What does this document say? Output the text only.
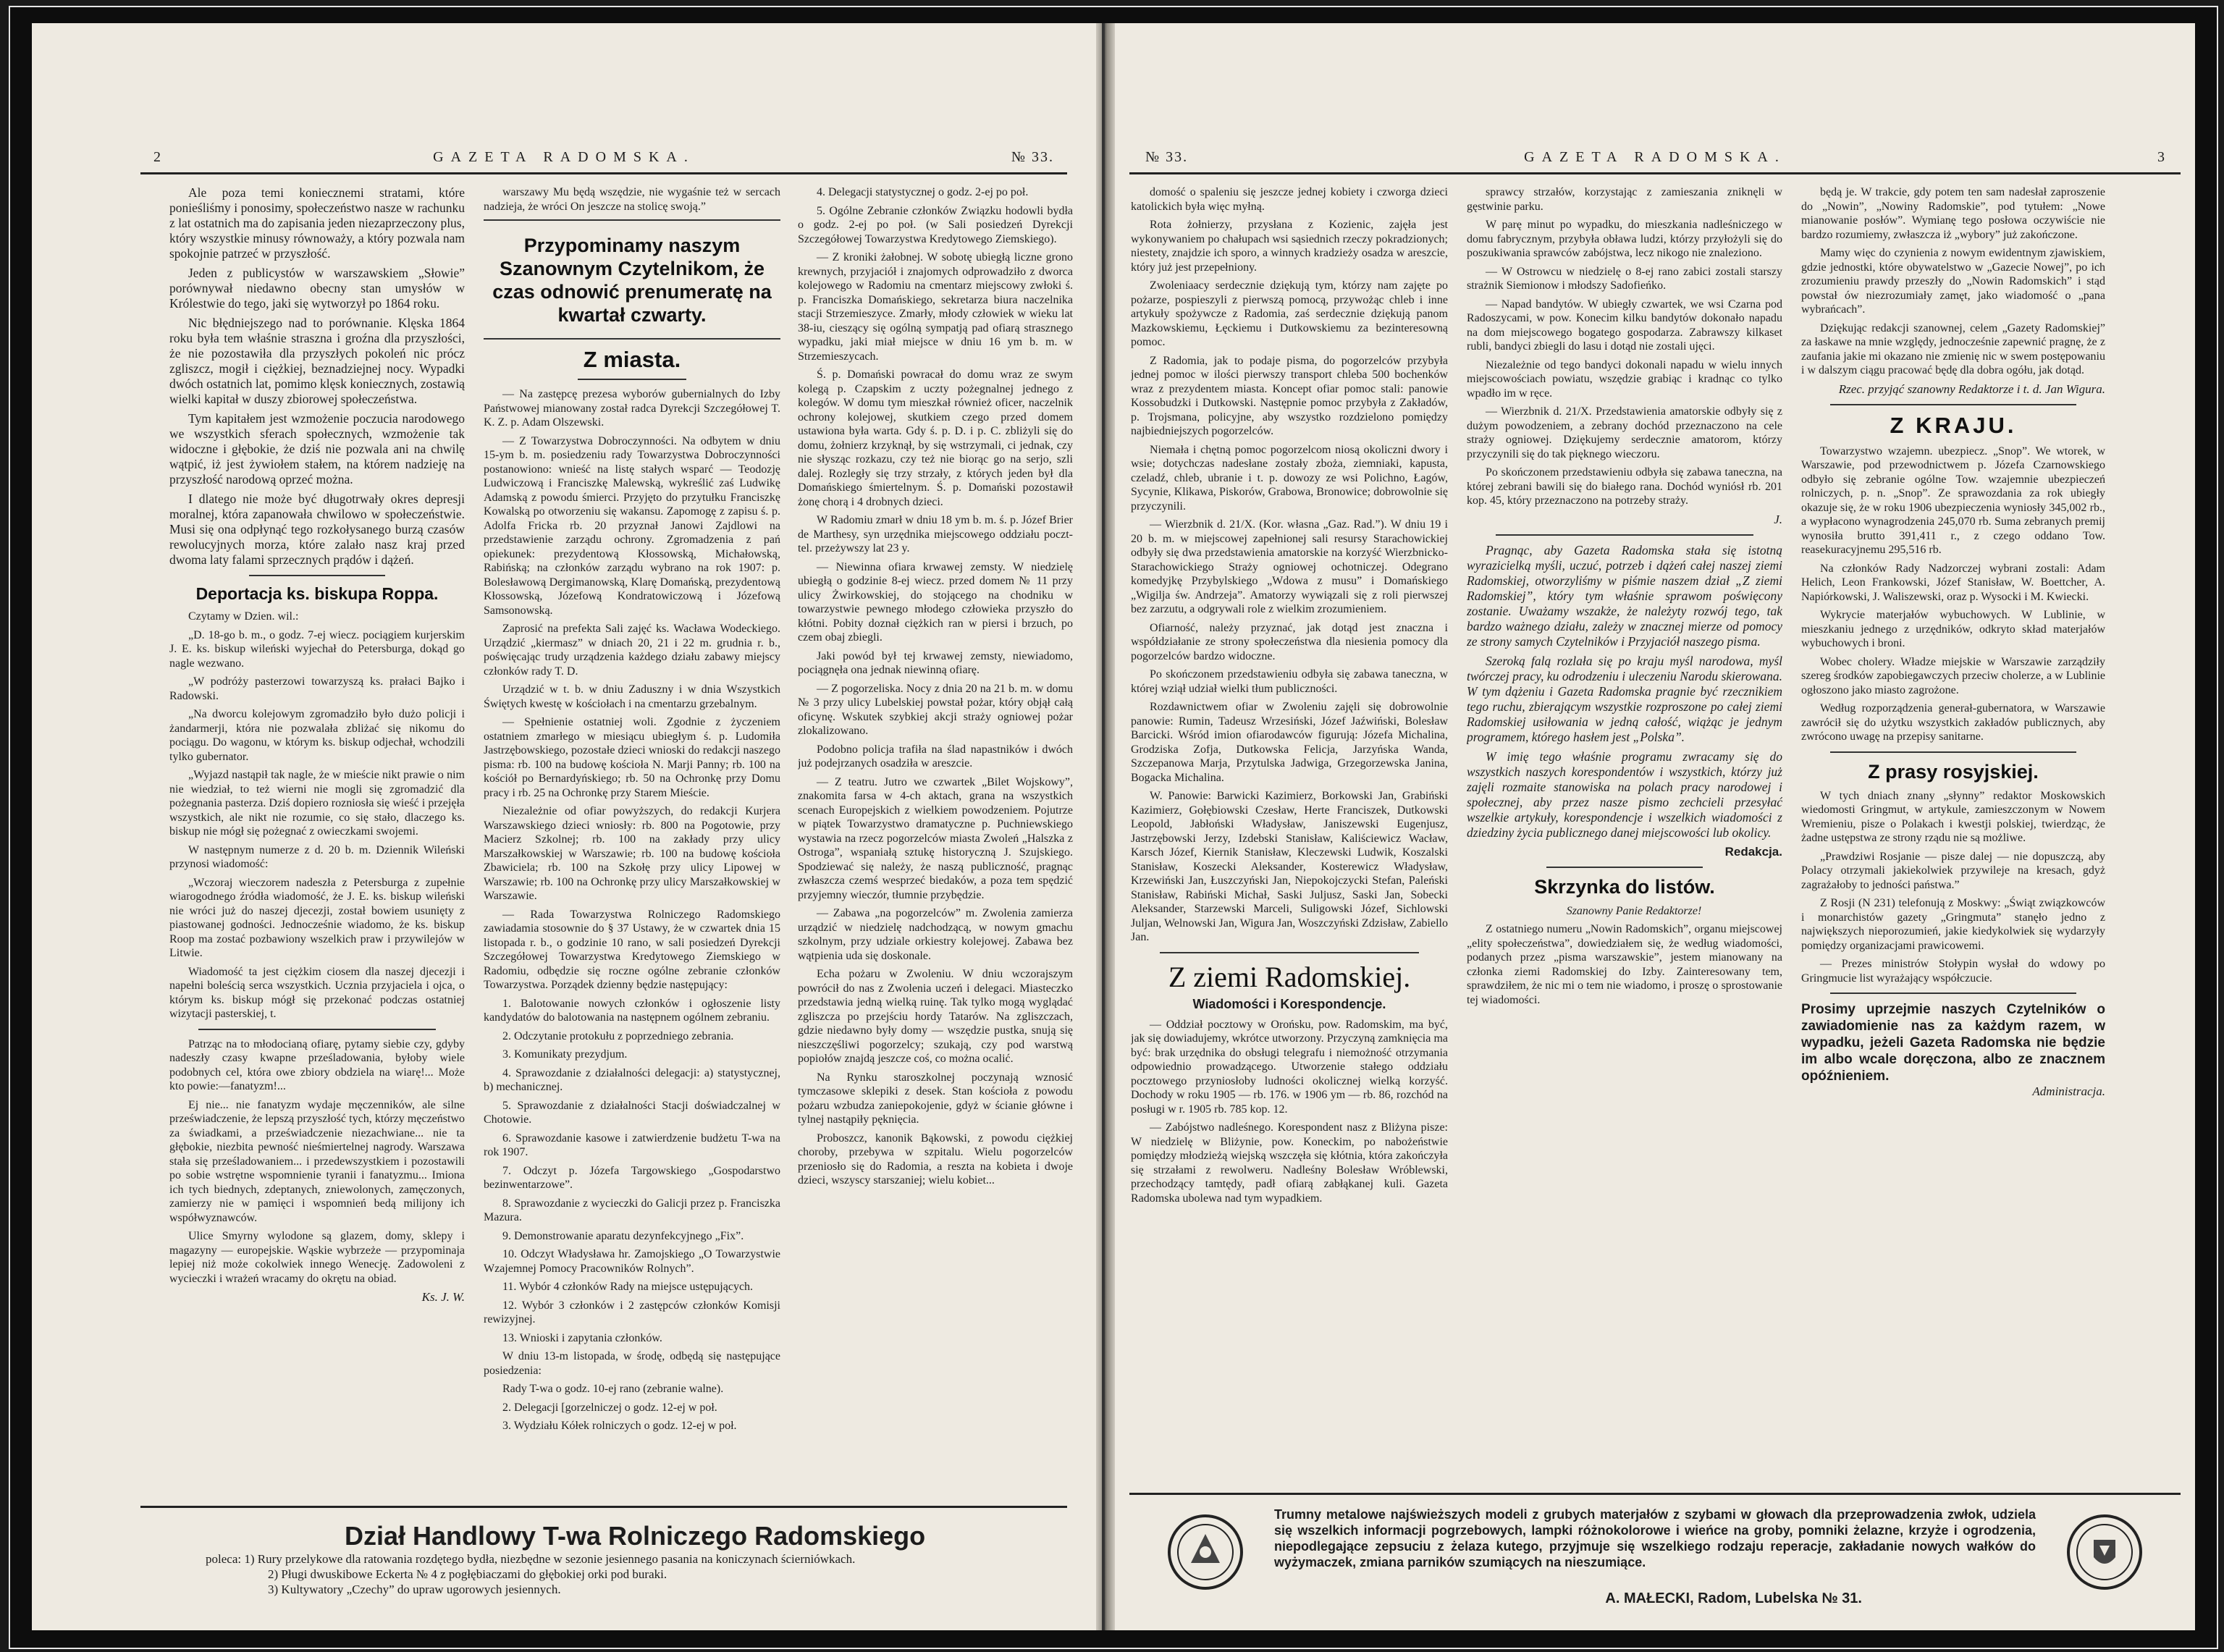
2	GAZETA RADOMSKA.	№ 33.

Ale poza temi koniecznemi stratami, które ponieśliśmy i ponosimy, społeczeństwo nasze w rachunku z lat ostatnich ma do zapisania jeden niezaprzeczony plus, który wszystkie minusy równoważy, a który pozwala nam spokojnie patrzeć w przyszłość.

Jeden z publicystów w warszawskiem „Słowie” porównywał niedawno obecny stan umysłów w Królestwie do tego, jaki się wytworzył po 1864 roku.

Nic błędniejszego nad to porównanie. Klęska 1864 roku była tem właśnie straszna i groźna dla przyszłości, że nie pozostawiła dla przyszłych pokoleń nic prócz zgliszcz, mogił i ciężkiej, beznadziejnej nocy. Wypadki dwóch ostatnich lat, pomimo klęsk koniecznych, zostawią wielki kapitał w duszy zbiorowej społeczeństwa.

Tym kapitałem jest wzmożenie poczucia narodowego we wszystkich sferach społecznych, wzmożenie tak widoczne i głębokie, że dziś nie pozwala ani na chwilę wątpić, iż jest żywiołem stałem, na którem nadzieję na przyszłość narodową oprzeć można.

I dlatego nie może być długotrwały okres depresji moralnej, która zapanowała chwilowo w społeczeństwie. Musi się ona odpłynąć tego rozkołysanego burzą czasów rewolucyjnych morza, które zalało nasz kraj przed dwoma laty falami sprzecznych prądów i dążeń.

Deportacja ks. biskupa Roppa.

Czytamy w Dzien. wil.:

„D. 18-go b. m., o godz. 7-ej wiecz. pociągiem kurjerskim J. E. ks. biskup wileński wyjechał do Petersburga, dokąd go nagle wezwano.

„W podróży pasterzowi towarzyszą ks. prałaci Bajko i Radowski.

„Na dworcu kolejowym zgromadziło było dużo policji i żandarmerji, która nie pozwalała zbliżać się nikomu do pociągu. Do wagonu, w którym ks. biskup odjechał, wchodzili tylko gubernator.

„Wyjazd nastąpił tak nagle, że w mieście nikt prawie o nim nie wiedział, to też wierni nie mogli się zgromadzić dla pożegnania pasterza. Dziś dopiero rozniosła się wieść i przejęła wszystkich, ale nikt nie rozumie, co się stało, dlaczego ks. biskup nie mógł się pożegnać z owieczkami swojemi.

W następnym numerze z d. 20 b. m. Dziennik Wileński przynosi wiadomość:

„Wczoraj wieczorem nadeszła z Petersburga z zupełnie wiarogodnego źródła wiadomość, że J. E. ks. biskup wileński nie wróci już do naszej djecezji, został bowiem usunięty z piastowanej godności. Jednocześnie wiadomo, że ks. biskup Roop ma zostać pozbawiony wszelkich praw i przywilejów w Litwie.

Wiadomość ta jest ciężkim ciosem dla naszej djecezji i napełni boleścią serca wszystkich. Ucznia przyjaciela i ojca, o którym ks. biskup mógł się przekonać podczas ostatniej wizytacji pasterskiej, t.

Patrząc na to młodocianą ofiarę, pytamy siebie czy, gdyby nadeszły czasy kwapne prześladowania, byłoby wiele podobnych cel, która owe zbiory obdziela na wiarę!... Może kto powie:—fanatyzm!...

Ej nie... nie fanatyzm wydaje męczenników, ale silne przeświadczenie, że lepszą przyszłość tych, którzy męczeństwo za świadkami, a przeświadczenie niezachwiane... nie ta głębokie, niezbita pewność nieśmiertelnej nagrody. Warszawa stała się prześladowaniem... i przedewszystkiem i pozostawili po sobie wstrętne wspomnienie tyranii i fanatyzmu... Imiona ich tych biednych, zdeptanych, zniewolonych, zamęczonych, zamierzy nie w pamięci i wspomnień bedą milijony ich współwyznawców.

Ulice Smyrny wylodone są glazem, domy, sklepy i magazyny — europejskie. Wąskie wybrzeże — przypominaja lepiej niż może cokolwiek innego Wenecję. Zadowoleni z wycieczki i wrażeń wracamy do okrętu na obiad.

Ks. J. W.

warszawy Mu będą wszędzie, nie wygaśnie też w sercach nadzieja, że wróci On jeszcze na stolicę swoją.”

Przypominamy naszym Szanownym Czytelnikom, że czas odnowić prenumeratę na kwartał czwarty.
Z miasta.

— Na zastępcę prezesa wyborów gubernialnych do Izby Państwowej mianowany został radca Dyrekcji Szczegółowej T. K. Z. p. Adam Olszewski.

— Z Towarzystwa Dobroczynności. Na odbytem w dniu 15-ym b. m. posiedzeniu rady Towarzystwa Dobroczynności postanowiono: wnieść na listę stałych wsparć — Teodozję Ludwiczową i Franciszkę Malewską, wykreślić zaś Ludwikę Adamską z powodu śmierci. Przyjęto do przytułku Franciszkę Kowalską po otworzeniu się wakansu. Zapomogę z zapisu ś. p. Adolfa Fricka rb. 20 przyznał Janowi Zajdlowi na przedstawienie zarządu ochrony. Zgromadzenia z pań opiekunek: prezydentową Kłossowską, Michałowską, Rabińską; na członków zarządu wybrano na rok 1907: p. Bolesławową Dergimanowską, Klarę Domańską, prezydentową Kłossowską, Józefową Kondratowiczową i Józefową Samsonowską.

Zaprosić na prefekta Sali zajęć ks. Wacława Wodeckiego. Urządzić „kiermasz” w dniach 20, 21 i 22 m. grudnia r. b., poświęcając trudy urządzenia każdego działu zabawy miejscy członków rady T. D.

Urządzić w t. b. w dniu Zaduszny i w dnia Wszystkich Świętych kwestę w kościołach i na cmentarzu grzebalnym.

— Spełnienie ostatniej woli. Zgodnie z życzeniem ostatniem zmarłego w miesiącu ubiegłym ś. p. Ludomiła Jastrzębowskiego, pozostałe dzieci wnioski do redakcji naszego pisma: rb. 100 na budowę kościoła N. Marji Panny; rb. 100 na kościół po Bernardyńskiego; rb. 50 na Ochronkę przy Domu pracy i rb. 25 na Ochronkę przy Starem Mieście.

Niezależnie od ofiar powyższych, do redakcji Kurjera Warszawskiego dzieci wniosły: rb. 800 na Pogotowie, przy Macierz Szkolnej; rb. 100 na zakłady przy ulicy Marszałkowskiej w Warszawie; rb. 100 na budowę kościoła Zbawiciela; rb. 100 na Szkołę przy ulicy Lipowej w Warszawie; rb. 100 na Ochronkę przy ulicy Marszałkowskiej w Warszawie.

— Rada Towarzystwa Rolniczego Radomskiego zawiadamia stosownie do § 37 Ustawy, że w czwartek dnia 15 listopada r. b., o godzinie 10 rano, w sali posiedzeń Dyrekcji Szczegółowej Towarzystwa Kredytowego Ziemskiego w Radomiu, odbędzie się roczne ogólne zebranie członków Towarzystwa. Porządek dzienny będzie następujący:

1. Balotowanie nowych członków i ogłoszenie listy kandydatów do balotowania na następnem ogólnem zebraniu.

2. Odczytanie protokułu z poprzedniego zebrania.

3. Komunikaty prezydjum.

4. Sprawozdanie z działalności delegacji: a) statystycznej, b) mechanicznej.

5. Sprawozdanie z działalności Stacji doświadczalnej w Chotowie.

6. Sprawozdanie kasowe i zatwierdzenie budżetu T-wa na rok 1907.

7. Odczyt p. Józefa Targowskiego „Gospodarstwo bezinwentarzowe”.

8. Sprawozdanie z wycieczki do Galicji przez p. Franciszka Mazura.

9. Demonstrowanie aparatu dezynfekcyjnego „Fix”.

10. Odczyt Władysława hr. Zamojskiego „O Towarzystwie Wzajemnej Pomocy Pracowników Rolnych”.

11. Wybór 4 członków Rady na miejsce ustępujących.

12. Wybór 3 członków i 2 zastępców członków Komisji rewizyjnej.

13. Wnioski i zapytania członków.

W dniu 13-m listopada, w środę, odbędą się następujące posiedzenia:

Rady T-wa o godz. 10-ej rano (zebranie walne).

2. Delegacji [gorzelniczej o godz. 12-ej w poł.

3. Wydziału Kółek rolniczych o godz. 12-ej w poł.

4. Delegacji statystycznej o godz. 2-ej po poł.

5. Ogólne Zebranie członków Związku hodowli bydła o godz. 2-ej po poł. (w Sali posiedzeń Dyrekcji Szczegółowej Towarzystwa Kredytowego Ziemskiego).

— Z kroniki żałobnej. W sobotę ubiegłą liczne grono krewnych, przyjaciół i znajomych odprowadziło z dworca kolejowego w Radomiu na cmentarz miejscowy zwłoki ś. p. Franciszka Domańskiego, sekretarza biura naczelnika stacji Strzemieszyce. Zmarły, młody człowiek w wieku lat 38-iu, cieszący się ogólną sympatją pad ofiarą strasznego wypadku, jaki miał miejsce w dniu 16 ym b. m. w Strzemieszycach.

Ś. p. Domański powracał do domu wraz ze swym kolegą p. Czapskim z uczty pożegnalnej jednego z kolegów. W domu tym mieszkał również oficer, naczelnik ochrony kolejowej, skutkiem czego przed domem ustawiona była warta. Gdy ś. p. D. i p. C. zbliżyli się do domu, żołnierz krzyknął, by się wstrzymali, ci jednak, czy nie słysząc rozkazu, czy też nie biorąc go na serjo, szli dalej. Rozległy się trzy strzały, z których jeden był dla Domańskiego śmiertelnym. Ś. p. Domański pozostawił żonę chorą i 4 drobnych dzieci.

W Radomiu zmarł w dniu 18 ym b. m. ś. p. Józef Brier de Marthesy, syn urzędnika miejscowego oddziału poczt-tel. przeżywszy lat 23 y.

— Niewinna ofiara krwawej zemsty. W niedzielę ubiegłą o godzinie 8-ej wiecz. przed domem № 11 przy ulicy Żwirkowskiej, do stojącego na chodniku w towarzystwie pewnego młodego człowieka przyszło do kłótni. Pobity doznał ciężkich ran w piersi i brzuch, po czem obaj zbiegli.

Jaki powód był tej krwawej zemsty, niewiadomo, pociągnęła ona jednak niewinną ofiarę.

— Z pogorzeliska. Nocy z dnia 20 na 21 b. m. w domu № 3 przy ulicy Lubelskiej powstał pożar, który objął całą oficynę. Wskutek szybkiej akcji straży ogniowej pożar zlokalizowano.

Podobno policja trafiła na ślad napastników i dwóch już podejrzanych osadziła w areszcie.

— Z teatru. Jutro we czwartek „Bilet Wojskowy”, znakomita farsa w 4-ch aktach, grana na wszystkich scenach Europejskich z wielkiem powodzeniem. Pojutrze w piątek Towarzystwo dramatyczne p. Puchniewskiego wystawia na rzecz pogorzelców miasta Zwoleń „Halszka z Ostroga”, wspaniałą sztukę historyczną J. Szujskiego. Spodziewać się należy, że naszą publiczność, pragnąc zwłaszcza czemś wesprzeć biedaków, a poza tem spędzić przyjemny wieczór, tłumnie przybędzie.

— Zabawa „na pogorzelców” m. Zwolenia zamierza urządzić w niedzielę nadchodzącą, w nowym gmachu szkolnym, przy udziale orkiestry kolejowej. Zabawa bez wątpienia uda się doskonale.

Echa pożaru w Zwoleniu. W dniu wczorajszym powrócił do nas z Zwolenia uczeń i delegaci. Miasteczko przedstawia jedną wielką ruinę. Tak tylko mogą wyglądać zgliszcza po przejściu hordy Tatarów. Na zgliszczach, gdzie niedawno były domy — wszędzie pustka, snują się nieszczęśliwi pogorzelcy; szukają, czy pod warstwą popiołów znajdą jeszcze coś, co można ocalić.

Na Rynku staroszkolnej poczynają wznosić tymczasowe sklepiki z desek. Stan kościoła z powodu pożaru wzbudza zaniepokojenie, gdyż w ścianie główne i tylnej nastąpiły pęknięcia.

Proboszcz, kanonik Bąkowski, z powodu ciężkiej choroby, przebywa w szpitalu. Wielu pogorzelców przeniosło się do Radomia, a reszta na kobieta i dwoje dzieci, wszyscy starszaniej; wielu kobiet...

Dział Handlowy T-wa Rolniczego Radomskiego
poleca: 1) Rury przelykowe dla ratowania rozdętego bydła, niezbędne w sezonie jesiennego pasania na koniczynach ścierniówkach.
2) Pługi dwuskibowe Eckerta № 4 z pogłębiaczami do głębokiej orki pod buraki.
3) Kultywatory „Czechy” do upraw ugorowych jesiennych.
№ 33.	GAZETA RADOMSKA.	3

domość o spaleniu się jeszcze jednej kobiety i czworga dzieci katolickich była więc myłną.

Rota żołnierzy, przysłana z Kozienic, zajęła jest wykonywaniem po chałupach wsi sąsiednich rzeczy pokradzionych; niestety, znajdzie ich sporo, a winnych kradzieży osadza w areszcie, który już jest przepełniony.

Zwoleniaacy serdecznie dziękują tym, którzy nam zajęte po pożarze, pospieszyli z pierwszą pomocą, przywożąc chleb i inne artykuły spożywcze z Radomia, zaś serdecznie dziękują panom Mazkowskiemu, Łęckiemu i Dutkowskiemu za bezinteresowną pomoc.

Z Radomia, jak to podaje pisma, do pogorzelców przybyła jednej pomoc w ilości pierwszy transport chleba 500 bochenków wraz z prezydentem miasta. Koncept ofiar pomoc stali: panowie Kossobudzki i Dutkowski. Następnie pomoc przybyła z Zakładów, p. Trojsmana, policyjne, aby wszystko rozdzielono pomiędzy najbiedniejszych pogorzelców.

Niemała i chętną pomoc pogorzelcom niosą okoliczni dwory i wsie; dotychczas nadesłane zostały zboża, ziemniaki, kapusta, czeladź, chleb, ubranie i t. p. dowozy ze wsi Polichno, Łagów, Sycynie, Klikawa, Piskorów, Grabowa, Bronowice; dobrowolnie się przyczynili.

— Wierzbnik d. 21/X. (Kor. własna „Gaz. Rad.”). W dniu 19 i 20 b. m. w miejscowej zapełnionej sali resursy Starachowickiej odbyły się dwa przedstawienia amatorskie na korzyść Wierzbnicko-Starachowickiego Straży ogniowej ochotniczej. Odegrano komedyjkę Przybylskiego „Wdowa z musu” i Domańskiego „Wigilja św. Andrzeja”. Amatorzy wywiązali się z roli pierwszej bez zarzutu, a odgrywali role z wielkim zrozumieniem.

Ofiarność, należy przyznać, jak dotąd jest znaczna i współdziałanie ze strony społeczeństwa dla niesienia pomocy dla pogorzelców bardzo widoczne.

Po skończonem przedstawieniu odbyła się zabawa taneczna, w której wziął udział wielki tłum publiczności.

Rozdawnictwem ofiar w Zwoleniu zajęli się dobrowolnie panowie: Rumin, Tadeusz Wrzesiński, Józef Jaźwiński, Bolesław Barcicki. Wśród imion ofiarodawców figurują: Józefa Michalina, Grodziska Zofja, Dutkowska Felicja, Jarzyńska Wanda, Szczepanowa Marja, Przytulska Jadwiga, Grzegorzewska Janina, Bogacka Michalina.

W. Panowie: Barwicki Kazimierz, Borkowski Jan, Grabiński Kazimierz, Gołębiowski Czesław, Herte Franciszek, Dutkowski Leopold, Jabłoński Władysław, Janiszewski Eugenjusz, Jastrzębowski Jerzy, Izdebski Stanisław, Kaliściewicz Wacław, Karsch Józef, Kiernik Stanisław, Kleczewski Ludwik, Koszalski Stanisław, Koszecki Aleksander, Kosterewicz Władysław, Krzewiński Jan, Łuszczyński Jan, Niepokojczycki Stefan, Paleński Stanisław, Rabiński Michał, Saski Juljusz, Saski Jan, Sobecki Aleksander, Starzewski Marceli, Suligowski Józef, Sichlowski Juljan, Welnowski Jan, Wigura Jan, Woszczyński Zdzisław, Zabiello Jan.

Z ziemi Radomskiej.
Wiadomości i Korespondencje.

— Oddział pocztowy w Orońsku, pow. Radomskim, ma być, jak się dowiadujemy, wkrótce utworzony. Przyczyną zamknięcia ma być: brak urzędnika do obsługi telegrafu i niemożność otrzymania odpowiednio prowadzącego. Utworzenie stałego oddziału pocztowego przyniosłoby ludności okolicznej wielką korzyść. Dochody w roku 1905 — rb. 176. w 1906 ym — rb. 86, rozchód na posługi w r. 1905 rb. 785 kop. 12.

— Zabójstwo nadleśnego. Korespondent nasz z Bliżyna pisze: W niedzielę w Bliżynie, pow. Koneckim, po nabożeństwie pomiędzy młodzieżą wiejską wszczęła się kłótnia, która zakończyła się strzałami z rewolweru. Nadleśny Bolesław Wróblewski, przechodzący tamtędy, padł ofiarą zabłąkanej kuli. Gazeta Radomska ubolewa nad tym wypadkiem.

sprawcy strzałów, korzystając z zamieszania zniknęli w gęstwinie parku.

W parę minut po wypadku, do mieszkania nadleśniczego w domu fabrycznym, przybyła obława ludzi, którzy przyłożyli się do poszukiwania sprawców zabójstwa, lecz nikogo nie znaleziono.

— W Ostrowcu w niedzielę o 8-ej rano zabici zostali starszy strażnik Siemionow i młodszy Sadofieńko.

— Napad bandytów. W ubiegły czwartek, we wsi Czarna pod Radoszycami, w pow. Konecim kilku bandytów dokonało napadu na dom miejscowego bogatego gospodarza. Zabrawszy kilkaset rubli, bandyci zbiegli do lasu i dotąd nie zostali ujęci.

Niezależnie od tego bandyci dokonali napadu w wielu innych miejscowościach powiatu, wszędzie grabiąc i kradnąc co tylko wpadło im w ręce.

— Wierzbnik d. 21/X. Przedstawienia amatorskie odbyły się z dużym powodzeniem, a zebrany dochód przeznaczono na cele straży ogniowej. Dziękujemy serdecznie amatorom, którzy przyczynili się do tak pięknego wieczoru.

Po skończonem przedstawieniu odbyła się zabawa taneczna, na której zebrani bawili się do białego rana. Dochód wyniósł rb. 201 kop. 45, który przeznaczono na potrzeby straży.

J.

Pragnąc, aby Gazeta Radomska stała się istotną wyrazicielką myśli, uczuć, potrzeb i dążeń całej naszej ziemi Radomskiej, otworzyliśmy w piśmie naszem dział „Z ziemi Radomskiej”, który tym właśnie sprawom poświęcony zostanie. Uważamy wszakże, że należyty rozwój tego, tak bardzo ważnego działu, zależy w znacznej mierze od pomocy ze strony samych Czytelników i Przyjaciół naszego pisma.

Szeroką falą rozlała się po kraju myśl narodowa, myśl twórczej pracy, ku odrodzeniu i uleczeniu Narodu skierowana. W tym dążeniu i Gazeta Radomska pragnie być rzecznikiem tego ruchu, zbierającym wszystkie rozproszone po całej ziemi Radomskiej usiłowania w jedną całość, wiążąc je jednym programem, którego hasłem jest „Polska”.

W imię tego właśnie programu zwracamy się do wszystkich naszych korespondentów i wszystkich, którzy już zajęli rozmaite stanowiska na polach pracy narodowej i społecznej, aby przez nasze pismo zechcieli przesyłać wszelkie artykuły, korespondencje i wszelkich wiadomości z dziedziny życia publicznego danej miejscowości lub okolicy.

Redakcja.

Skrzynka do listów.

Szanowny Panie Redaktorze!

Z ostatniego numeru „Nowin Radomskich”, organu miejscowej „elity społeczeństwa”, dowiedziałem się, że według wiadomości, podanych przez „pisma warszawskie”, jestem mianowany na członka ziemi Radomskiej do Izby. Zainteresowany tem, sprawdziłem, że nic mi o tem nie wiadomo, i proszę o sprostowanie tej wiadomości.

będą je. W trakcie, gdy potem ten sam nadesłał zaproszenie do „Nowin”, „Nowiny Radomskie”, pod tytułem: „Nowe mianowanie posłów”. Wymianę tego posłowa oczywiście nie bardzo rozumiemy, zwłaszcza iż „wybory” już zakończone.

Mamy więc do czynienia z nowym ewidentnym zjawiskiem, gdzie jednostki, które obywatelstwo w „Gazecie Nowej”, po ich zrozumieniu prawdy przeszły do „Nowin Radomskich” i stąd powstał ów niezrozumiały zamęt, jako wiadomość o „pana wybrańcach”.

Dziękując redakcji szanownej, celem „Gazety Radomskiej” za łaskawe na mnie względy, jednocześnie zapewnić pragnę, że z zaufania jakie mi okazano nie zmienię nic w swem postępowaniu i w dalszym ciągu pracować będę dla dobra ogółu, jak dotąd.

Rzec. przyjąć szanowny Redaktorze i t. d. Jan Wigura.

Z KRAJU.

Towarzystwo wzajemn. ubezpiecz. „Snop”. We wtorek, w Warszawie, pod przewodnictwem p. Józefa Czarnowskiego odbyło się zebranie ogólne Tow. wzajemnie ubezpieczeń rolniczych, p. n. „Snop”. Ze sprawozdania za rok ubiegły okazuje się, że w roku 1906 ubezpieczenia wyniosły 345,002 rb., a wypłacono wynagrodzenia 245,070 rb. Suma zebranych premij wynosiła brutto 391,411 r., z czego oddano Tow. reasekuracyjnemu 295,516 rb.

Na członków Rady Nadzorczej wybrani zostali: Adam Helich, Leon Frankowski, Józef Stanisław, W. Boettcher, A. Napiórkowski, J. Waliszewski, oraz p. Wysocki i M. Kwiecki.

Wykrycie materjałów wybuchowych. W Lublinie, w mieszkaniu jednego z urzędników, odkryto skład materjałów wybuchowych i broni.

Wobec cholery. Władze miejskie w Warszawie zarządziły szereg środków zapobiegawczych przeciw cholerze, a w Lublinie ogłoszono jako miasto zagrożone.

Według rozporządzenia generał-gubernatora, w Warszawie zawrócił się do użytku wszystkich zakładów publicznych, aby zwrócono uwagę na przepisy sanitarne.

Z prasy rosyjskiej.

W tych dniach znany „słynny” redaktor Moskowskich wiedomosti Gringmut, w artykule, zamieszczonym w Nowem Wremieniu, pisze o Polakach i kwestji polskiej, twierdząc, że żadne ustępstwa ze strony rządu nie są możliwe.

„Prawdziwi Rosjanie — pisze dalej — nie dopuszczą, aby Polacy otrzymali jakiekolwiek przywileje na kresach, gdyż zagrażałoby to jedności państwa.”

Z Rosji (N 231) telefonują z Moskwy: „Świąt związkowców i monarchistów gazety „Gringmuta” stanęło jedno z największych nieporozumień, jakie kiedykolwiek się wydarzyły pomiędzy organizacjami prawicowemi.

— Prezes ministrów Stołypin wysłał do wdowy po Gringmucie list wyrażający współczucie.

Prosimy uprzejmie naszych Czytelników o zawiadomienie nas za każdym razem, w wypadku, jeżeli Gazeta Radomska nie będzie im albo wcale doręczona, albo ze znacznem opóźnieniem.

Administracja.

Trumny metalowe najświeższych modeli z grubych materjałów z szybami w głowach dla przeprowadzenia zwłok, udziela się wszelkich informacji pogrzebowych, lampki różnokolorowe i wieńce na groby, pomniki żelazne, krzyże i ogrodzenia, niepodlegające zepsuciu z żelaza kutego, przyjmuje się wszelkiego rodzaju reperacje, zakładanie nowych wałków do wyżymaczek, zmiana parników szumiących na nieszumiące.
A. MAŁECKI, Radom, Lubelska № 31.
